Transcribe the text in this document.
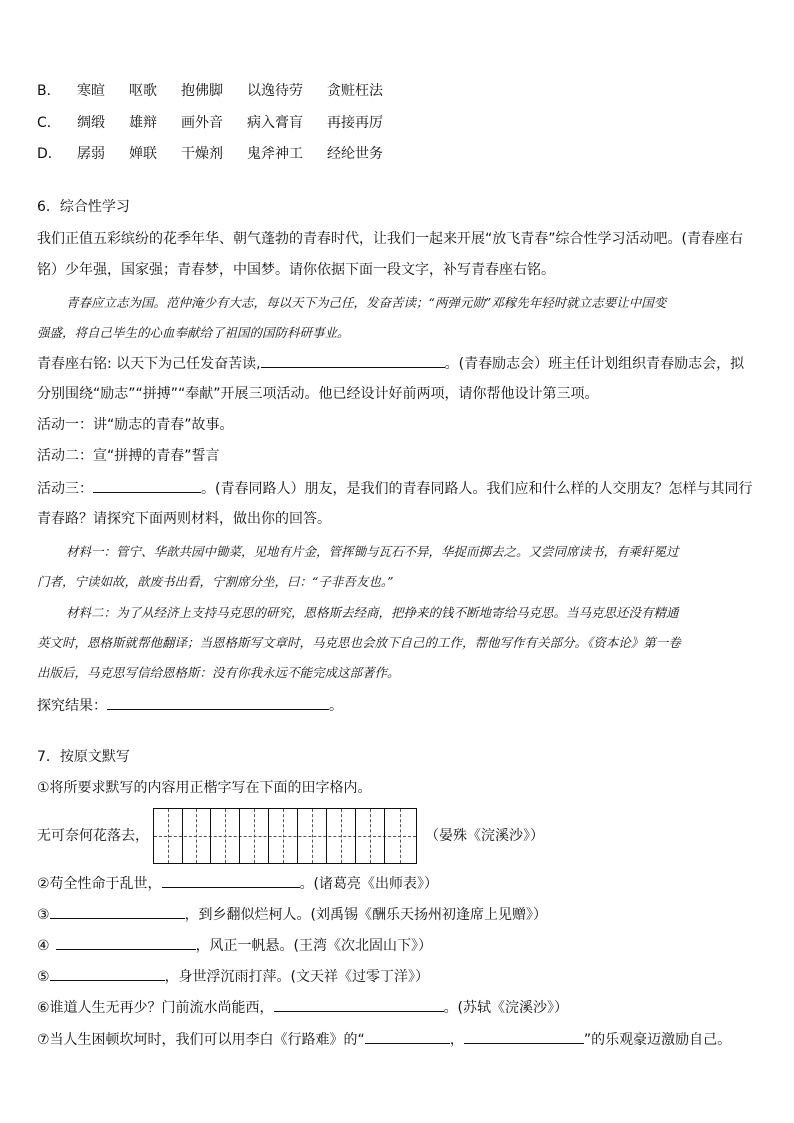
B． 寒暄 呕歌 抱佛脚 以逸待劳 贪赃枉法
C． 绸缎 雄辩 画外音 病入膏肓 再接再厉
D． 孱弱 婵联 干燥剂 鬼斧神工 经纶世务
6．综合性学习
我们正值五彩缤纷的花季年华、朝气蓬勃的青春时代，让我们一起来开展“放飞青春”综合性学习活动吧。(青春座右
铭）少年强，国家强；青春梦，中国梦。请你依据下面一段文字，补写青春座右铭。
青春应立志为国。范仲淹少有大志，每以天下为己任，发奋苦读；“两弹元勋”邓稼先年轻时就立志要让中国变
强盛，将自己毕生的心血奉献给了祖国的国防科研事业。
青春座右铭: 以天下为己任发奋苦读,	。(青春励志会）班主任计划组织青春励志会，拟
分别围绕“励志”“拼搏”“奉献”开展三项活动。他已经设计好前两项，请你帮他设计第三项。
活动一：讲“励志的青春”故事。
活动二：宣“拼搏的青春”誓言
活动三：	。(青春同路人）朋友，是我们的青春同路人。我们应和什么样的人交朋友？怎样与其同行
青春路？请探究下面两则材料，做出你的回答。
材料一：管宁、华歆共园中锄菜，见地有片金，管挥锄与瓦石不异，华捉而掷去之。又尝同席读书，有乘轩冕过
门者，宁读如故，歆废书出看，宁割席分坐，曰：“子非吾友也。”
材料二：为了从经济上支持马克思的研究，恩格斯去经商，把挣来的钱不断地寄给马克思。当马克思还没有精通
英文时，恩格斯就帮他翻译；当恩格斯写文章时，马克思也会放下自己的工作，帮他写作有关部分。《资本论》第一卷
出版后，马克思写信给恩格斯：没有你我永远不能完成这部著作。
探究结果：	。
7．按原文默写
①将所要求默写的内容用正楷字写在下面的田字格内。
无可奈何花落去，	（晏殊《浣溪沙》）
②苟全性命于乱世，	。(诸葛亮《出师表》）
③	，到乡翻似烂柯人。(刘禹锡《酬乐天扬州初逢席上见赠》）
④	，风正一帆悬。(王湾《次北固山下》）
⑤	，身世浮沉雨打萍。(文天祥《过零丁洋》）
⑥谁道人生无再少？门前流水尚能西，	。(苏轼《浣溪沙》）
⑦当人生困顿坎坷时，我们可以用李白《行路难》的“	，	”的乐观豪迈激励自己。
